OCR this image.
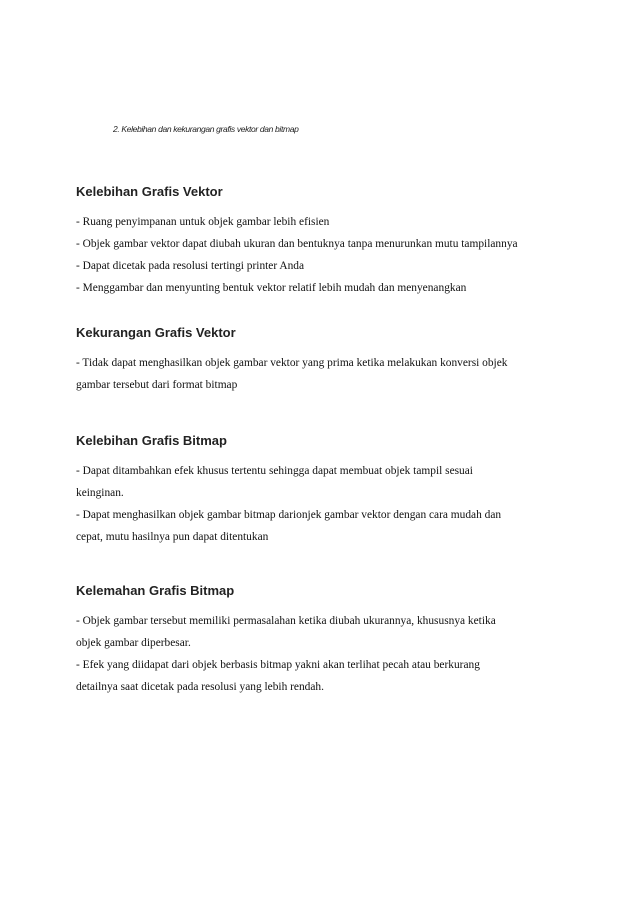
2. Kelebihan dan kekurangan grafis vektor dan bitmap
Kelebihan Grafis Vektor

- Ruang penyimpanan untuk objek gambar lebih efisien

- Objek gambar vektor dapat diubah ukuran dan bentuknya tanpa menurunkan mutu tampilannya

- Dapat dicetak pada resolusi tertingi printer Anda

- Menggambar dan menyunting bentuk vektor relatif lebih mudah dan menyenangkan

Kekurangan Grafis Vektor

- Tidak dapat menghasilkan objek gambar vektor yang prima ketika melakukan konversi objek

gambar tersebut dari format bitmap

Kelebihan Grafis Bitmap

- Dapat ditambahkan efek khusus tertentu sehingga dapat membuat objek tampil sesuai

keinginan.

- Dapat menghasilkan objek gambar bitmap darionjek gambar vektor dengan cara mudah dan

cepat, mutu hasilnya pun dapat ditentukan

Kelemahan Grafis Bitmap

- Objek gambar tersebut memiliki permasalahan ketika diubah ukurannya, khususnya ketika

objek gambar diperbesar.

- Efek yang diidapat dari objek berbasis bitmap yakni akan terlihat pecah atau berkurang

detailnya saat dicetak pada resolusi yang lebih rendah.
